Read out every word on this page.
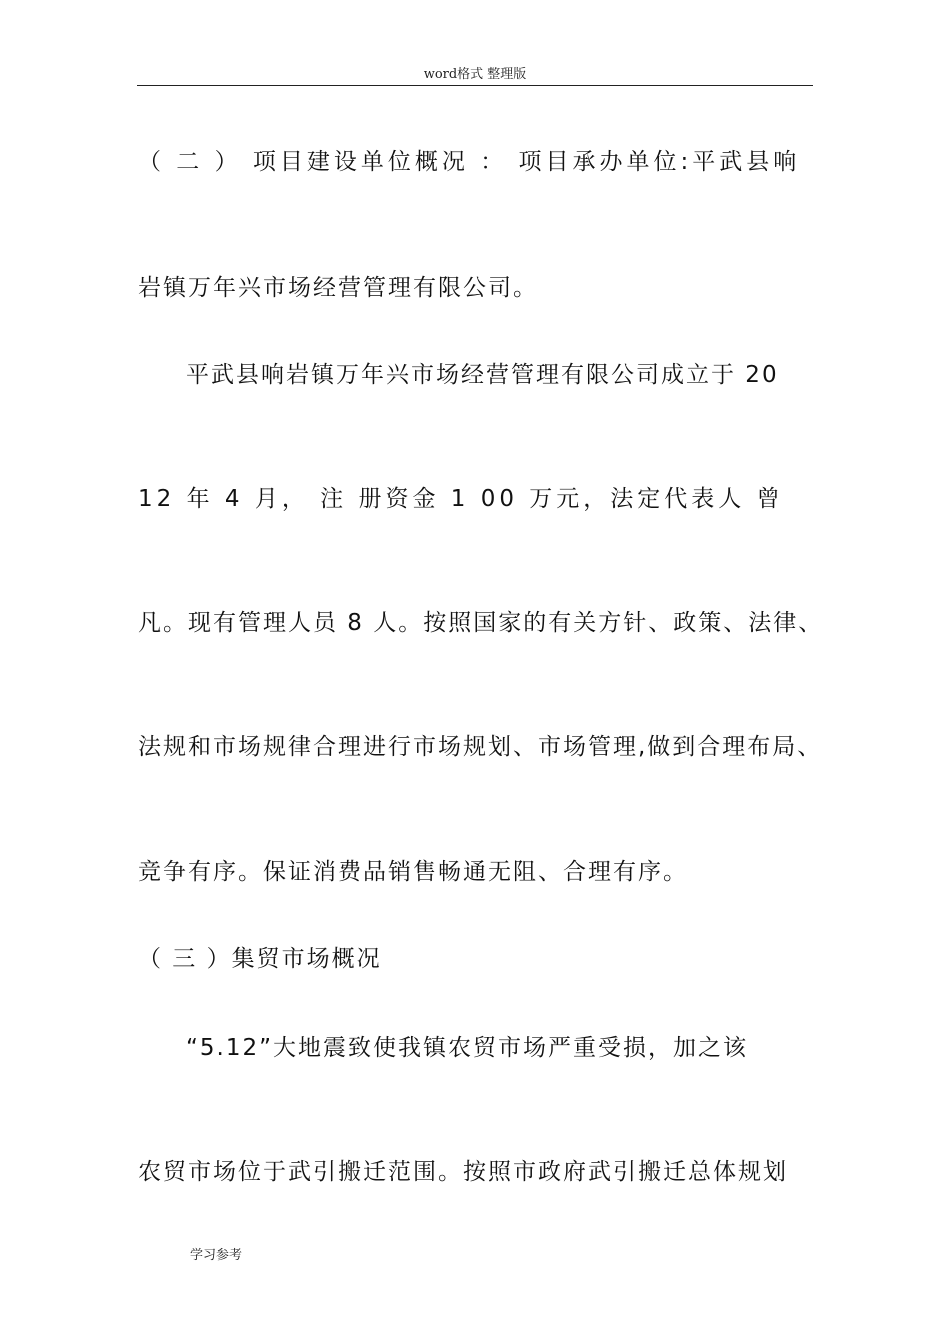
word格式 整理版
（ 二 ） 项目建设单位概况 ： 项目承办单位:平武县响
岩镇万年兴市场经营管理有限公司。
平武县响岩镇万年兴市场经营管理有限公司成立于 20
12 年 4 月， 注 册资金 1 00 万元，法定代表人 曾
凡。现有管理人员 8 人。按照国家的有关方针、政策、法律、
法规和市场规律合理进行市场规划、市场管理,做到合理布局、
竞争有序。保证消费品销售畅通无阻、合理有序。
（ 三 ）集贸市场概况
“5.12”大地震致使我镇农贸市场严重受损，加之该
农贸市场位于武引搬迁范围。按照市政府武引搬迁总体规划
学习参考
